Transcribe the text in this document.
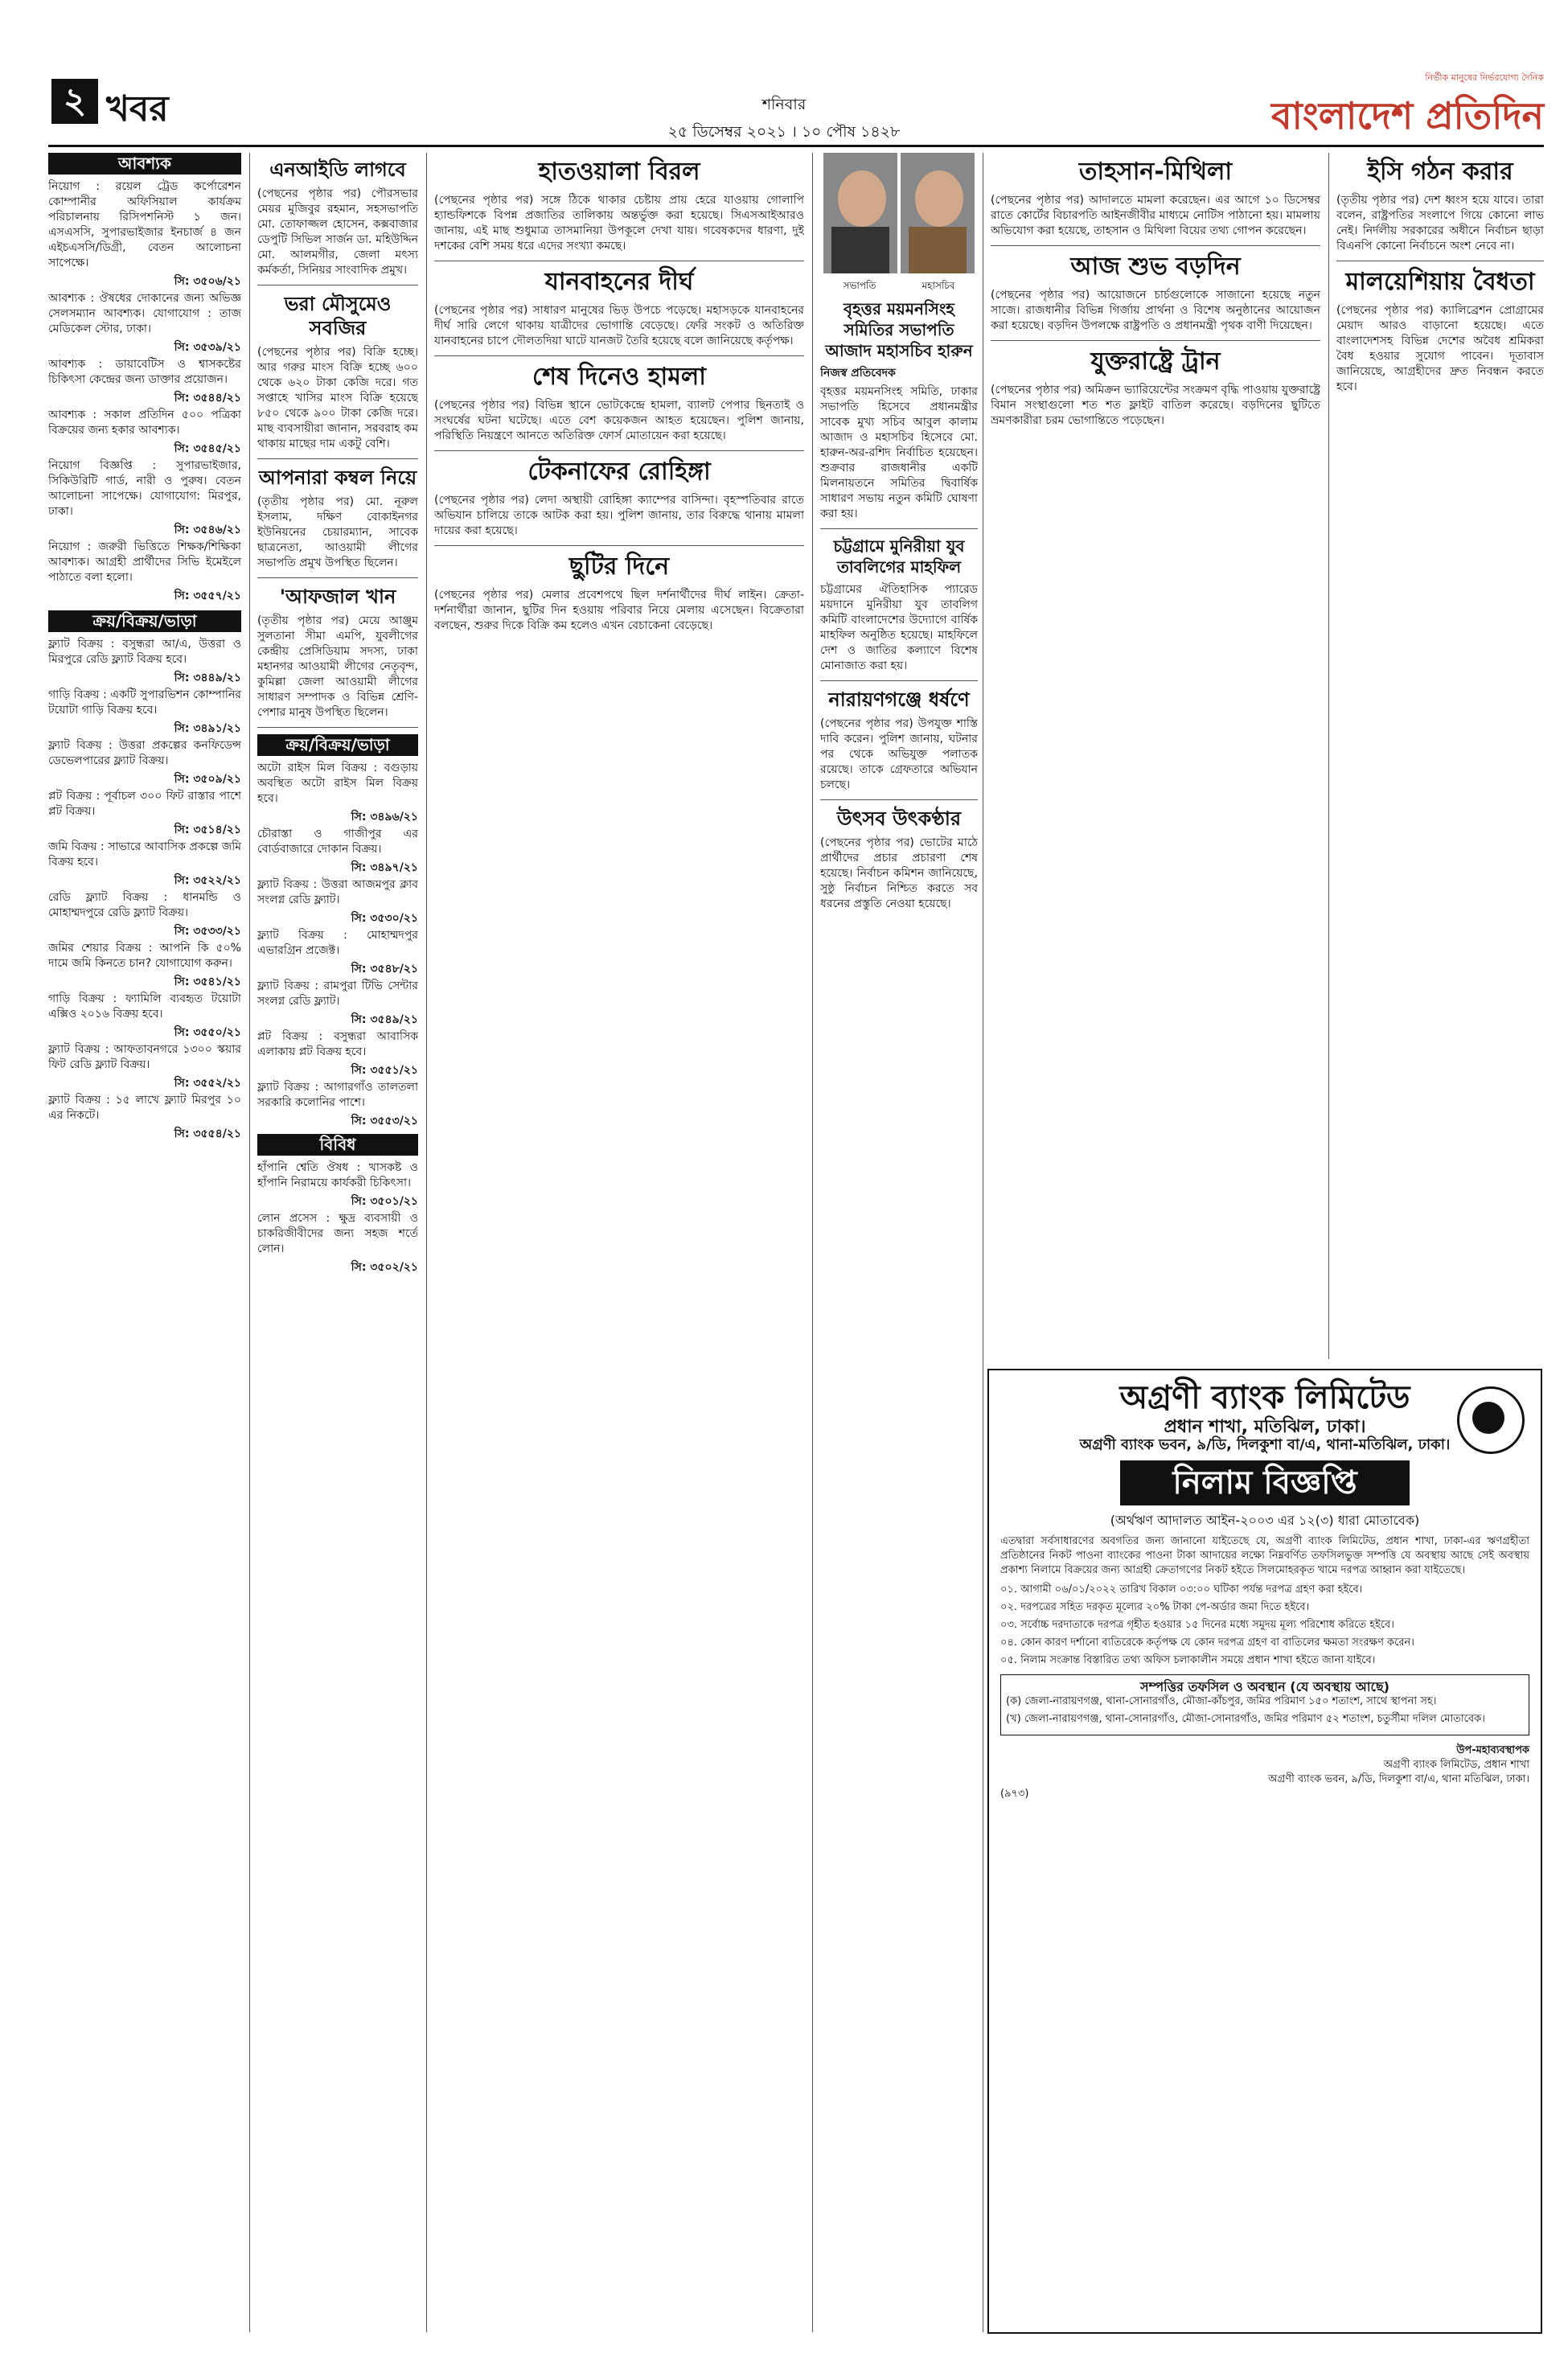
২ খবর	শনিবার
২৫ ডিসেম্বর ২০২১ । ১০ পৌষ ১৪২৮
নির্ভীক মানুষের নির্ভরযোগ্য দৈনিক
বাংলাদেশ প্রতিদিন
আবশ্যক

নিয়োগ : রয়েল ট্রেড কর্পোরেশন কোম্পানীর অফিসিয়াল কার্যক্রম পরিচালনায় রিসিপশনিস্ট ১ জন। এসএসসি, সুপারভাইজার ইনচার্জ ৪ জন এইচএসসি/ডিগ্রী, বেতন আলোচনা সাপেক্ষে।

সি: ৩৫০৬/২১

আবশ্যক : ঔষধের দোকানের জন্য অভিজ্ঞ সেলসম্যান আবশ্যক। যোগাযোগ : তাজ মেডিকেল স্টোর, ঢাকা।

সি: ৩৫৩৯/২১

আবশ্যক : ডায়াবেটিস ও শ্বাসকষ্টের চিকিৎসা কেন্দ্রের জন্য ডাক্তার প্রয়োজন।

সি: ৩৫৪৪/২১

আবশ্যক : সকাল প্রতিদিন ৫০০ পত্রিকা বিক্রয়ের জন্য হকার আবশ্যক।

সি: ৩৫৪৫/২১

নিয়োগ বিজ্ঞপ্তি : সুপারভাইজার, সিকিউরিটি গার্ড, নারী ও পুরুষ। বেতন আলোচনা সাপেক্ষে। যোগাযোগ: মিরপুর, ঢাকা।

সি: ৩৫৪৬/২১

নিয়োগ : জরুরী ভিত্তিতে শিক্ষক/শিক্ষিকা আবশ্যক। আগ্রহী প্রার্থীদের সিভি ইমেইলে পাঠাতে বলা হলো।

সি: ৩৫৫৭/২১
ক্রয়/বিক্রয়/ভাড়া

ফ্ল্যাট বিক্রয় : বসুন্ধরা আ/এ, উত্তরা ও মিরপুরে রেডি ফ্ল্যাট বিক্রয় হবে।

সি: ৩৪৪৯/২১

গাড়ি বিক্রয় : একটি সুপারভিশন কোম্পানির টয়োটা গাড়ি বিক্রয় হবে।

সি: ৩৪৯১/২১

ফ্ল্যাট বিক্রয় : উত্তরা প্রকল্পের কনফিডেন্স ডেভেলপারের ফ্ল্যাট বিক্রয়।

সি: ৩৫০৯/২১

প্লট বিক্রয় : পূর্বাচল ৩০০ ফিট রাস্তার পাশে প্লট বিক্রয়।

সি: ৩৫১৪/২১

জমি বিক্রয় : সাভারে আবাসিক প্রকল্পে জমি বিক্রয় হবে।

সি: ৩৫২২/২১

রেডি ফ্ল্যাট বিক্রয় : ধানমন্ডি ও মোহাম্মদপুরে রেডি ফ্ল্যাট বিক্রয়।

সি: ৩৫৩৩/২১

জমির শেয়ার বিক্রয় : আপনি কি ৫০% দামে জমি কিনতে চান? যোগাযোগ করুন।

সি: ৩৫৪১/২১

গাড়ি বিক্রয় : ফ্যামিলি ব্যবহৃত টয়োটা এক্সিও ২০১৬ বিক্রয় হবে।

সি: ৩৫৫০/২১

ফ্ল্যাট বিক্রয় : আফতাবনগরে ১৩০০ স্কয়ার ফিট রেডি ফ্ল্যাট বিক্রয়।

সি: ৩৫৫২/২১

ফ্ল্যাট বিক্রয় : ১৫ লাখে ফ্ল্যাট মিরপুর ১০ এর নিকটে।

সি: ৩৫৫৪/২১
এনআইডি লাগবে

(পেছনের পৃষ্ঠার পর) পৌরসভার মেয়র মুজিবুর রহমান, সহসভাপতি মো. তোফাজ্জল হোসেন, কক্সবাজার ডেপুটি সিভিল সার্জন ডা. মহিউদ্দিন মো. আলমগীর, জেলা মৎস্য কর্মকর্তা, সিনিয়র সাংবাদিক প্রমুখ।

ভরা মৌসুমেও সবজির

(পেছনের পৃষ্ঠার পর) বিক্রি হচ্ছে। আর গরুর মাংস বিক্রি হচ্ছে ৬০০ থেকে ৬২০ টাকা কেজি দরে। গত সপ্তাহে খাসির মাংস বিক্রি হয়েছে ৮৫০ থেকে ৯০০ টাকা কেজি দরে। মাছ ব্যবসায়ীরা জানান, সরবরাহ কম থাকায় মাছের দাম একটু বেশি।

আপনারা কম্বল নিয়ে

(তৃতীয় পৃষ্ঠার পর) মো. নূরুল ইসলাম, দক্ষিণ বোকাইনগর ইউনিয়নের চেয়ারম্যান, সাবেক ছাত্রনেতা, আওয়ামী লীগের সভাপতি প্রমুখ উপস্থিত ছিলেন।

'আফজাল খান

(তৃতীয় পৃষ্ঠার পর) মেয়ে আঞ্জুম সুলতানা সীমা এমপি, যুবলীগের কেন্দ্রীয় প্রেসিডিয়াম সদস্য, ঢাকা মহানগর আওয়ামী লীগের নেতৃবৃন্দ, কুমিল্লা জেলা আওয়ামী লীগের সাধারণ সম্পাদক ও বিভিন্ন শ্রেণি-পেশার মানুষ উপস্থিত ছিলেন।

ক্রয়/বিক্রয়/ভাড়া

অটো রাইস মিল বিক্রয় : বগুড়ায় অবস্থিত অটো রাইস মিল বিক্রয় হবে।

সি: ৩৪৯৬/২১

চৌরাস্তা ও গাজীপুর এর বোর্ডবাজারে দোকান বিক্রয়।

সি: ৩৪৯৭/২১

ফ্ল্যাট বিক্রয় : উত্তরা আজমপুর ক্লাব সংলগ্ন রেডি ফ্ল্যাট।

সি: ৩৫৩০/২১

ফ্ল্যাট বিক্রয় : মোহাম্মদপুর এভারগ্রিন প্রজেক্ট।

সি: ৩৫৪৮/২১

ফ্ল্যাট বিক্রয় : রামপুরা টিভি সেন্টার সংলগ্ন রেডি ফ্ল্যাট।

সি: ৩৫৪৯/২১

প্লট বিক্রয় : বসুন্ধরা আবাসিক এলাকায় প্লট বিক্রয় হবে।

সি: ৩৫৫১/২১

ফ্ল্যাট বিক্রয় : আগারগাঁও তালতলা সরকারি কলোনির পাশে।

সি: ৩৫৫৩/২১
বিবিধ

হাঁপানি শ্বেতি ঔষধ : খাসকষ্ট ও হাঁপানি নিরাময়ে কার্যকরী চিকিৎসা।

সি: ৩৫০১/২১

লোন প্রসেস : ক্ষুদ্র ব্যবসায়ী ও চাকরিজীবীদের জন্য সহজ শর্তে লোন।

সি: ৩৫০২/২১
হাতওয়ালা বিরল

(পেছনের পৃষ্ঠার পর) সঙ্গে ঠিকে থাকার চেষ্টায় প্রায় হেরে যাওয়ায় গোলাপি হ্যান্ডফিশকে বিপন্ন প্রজাতির তালিকায় অন্তর্ভুক্ত করা হয়েছে। সিএসআইআরও জানায়, এই মাছ শুধুমাত্র তাসমানিয়া উপকূলে দেখা যায়। গবেষকদের ধারণা, দুই দশকের বেশি সময় ধরে এদের সংখ্যা কমছে।

যানবাহনের দীর্ঘ

(পেছনের পৃষ্ঠার পর) সাধারণ মানুষের ভিড় উপচে পড়েছে। মহাসড়কে যানবাহনের দীর্ঘ সারি লেগে থাকায় যাত্রীদের ভোগান্তি বেড়েছে। ফেরি সংকট ও অতিরিক্ত যানবাহনের চাপে দৌলতদিয়া ঘাটে যানজট তৈরি হয়েছে বলে জানিয়েছে কর্তৃপক্ষ।

শেষ দিনেও হামলা

(পেছনের পৃষ্ঠার পর) বিভিন্ন স্থানে ভোটকেন্দ্রে হামলা, ব্যালট পেপার ছিনতাই ও সংঘর্ষের ঘটনা ঘটেছে। এতে বেশ কয়েকজন আহত হয়েছেন। পুলিশ জানায়, পরিস্থিতি নিয়ন্ত্রণে আনতে অতিরিক্ত ফোর্স মোতায়েন করা হয়েছে।

টেকনাফের রোহিঙ্গা

(পেছনের পৃষ্ঠার পর) লেদা অস্থায়ী রোহিঙ্গা ক্যাম্পের বাসিন্দা। বৃহস্পতিবার রাতে অভিযান চালিয়ে তাকে আটক করা হয়। পুলিশ জানায়, তার বিরুদ্ধে থানায় মামলা দায়ের করা হয়েছে।

ছুটির দিনে

(পেছনের পৃষ্ঠার পর) মেলার প্রবেশপথে ছিল দর্শনার্থীদের দীর্ঘ লাইন। ক্রেতা-দর্শনার্থীরা জানান, ছুটির দিন হওয়ায় পরিবার নিয়ে মেলায় এসেছেন। বিক্রেতারা বলছেন, শুরুর দিকে বিক্রি কম হলেও এখন বেচাকেনা বেড়েছে।

সভাপতি	মহাসচিব
বৃহত্তর ময়মনসিংহ সমিতির সভাপতি আজাদ মহাসচিব হারুন

নিজস্ব প্রতিবেদক

বৃহত্তর ময়মনসিংহ সমিতি, ঢাকার সভাপতি হিসেবে প্রধানমন্ত্রীর সাবেক মুখ্য সচিব আবুল কালাম আজাদ ও মহাসচিব হিসেবে মো. হারুন-অর-রশিদ নির্বাচিত হয়েছেন। শুক্রবার রাজধানীর একটি মিলনায়তনে সমিতির দ্বিবার্ষিক সাধারণ সভায় নতুন কমিটি ঘোষণা করা হয়।

চট্টগ্রামে মুনিরীয়া যুব তাবলিগের মাহফিল

চট্টগ্রামের ঐতিহাসিক প্যারেড ময়দানে মুনিরীয়া যুব তাবলিগ কমিটি বাংলাদেশের উদ্যোগে বার্ষিক মাহফিল অনুষ্ঠিত হয়েছে। মাহফিলে দেশ ও জাতির কল্যাণে বিশেষ মোনাজাত করা হয়।

নারায়ণগঞ্জে ধর্ষণে

(পেছনের পৃষ্ঠার পর) উপযুক্ত শাস্তি দাবি করেন। পুলিশ জানায়, ঘটনার পর থেকে অভিযুক্ত পলাতক রয়েছে। তাকে গ্রেফতারে অভিযান চলছে।

উৎসব উৎকণ্ঠার

(পেছনের পৃষ্ঠার পর) ভোটের মাঠে প্রার্থীদের প্রচার প্রচারণা শেষ হয়েছে। নির্বাচন কমিশন জানিয়েছে, সুষ্ঠু নির্বাচন নিশ্চিত করতে সব ধরনের প্রস্তুতি নেওয়া হয়েছে।

তাহসান-মিথিলা

(পেছনের পৃষ্ঠার পর) আদালতে মামলা করেছেন। এর আগে ১০ ডিসেম্বর রাতে কোর্টের বিচারপতি আইনজীবীর মাধ্যমে নোটিস পাঠানো হয়। মামলায় অভিযোগ করা হয়েছে, তাহসান ও মিথিলা বিয়ের তথ্য গোপন করেছেন।

আজ শুভ বড়দিন

(পেছনের পৃষ্ঠার পর) আয়োজনে চার্চগুলোকে সাজানো হয়েছে নতুন সাজে। রাজধানীর বিভিন্ন গির্জায় প্রার্থনা ও বিশেষ অনুষ্ঠানের আয়োজন করা হয়েছে। বড়দিন উপলক্ষে রাষ্ট্রপতি ও প্রধানমন্ত্রী পৃথক বাণী দিয়েছেন।

যুক্তরাষ্ট্রে ট্রান

(পেছনের পৃষ্ঠার পর) অমিক্রন ভ্যারিয়েন্টের সংক্রমণ বৃদ্ধি পাওয়ায় যুক্তরাষ্ট্রে বিমান সংস্থাগুলো শত শত ফ্লাইট বাতিল করেছে। বড়দিনের ছুটিতে ভ্রমণকারীরা চরম ভোগান্তিতে পড়েছেন।

ইসি গঠন করার

(তৃতীয় পৃষ্ঠার পর) দেশ ধ্বংস হয়ে যাবে। তারা বলেন, রাষ্ট্রপতির সংলাপে গিয়ে কোনো লাভ নেই। নির্দলীয় সরকারের অধীনে নির্বাচন ছাড়া বিএনপি কোনো নির্বাচনে অংশ নেবে না।

মালয়েশিয়ায় বৈধতা

(পেছনের পৃষ্ঠার পর) ক্যালিব্রেশন প্রোগ্রামের মেয়াদ আরও বাড়ানো হয়েছে। এতে বাংলাদেশসহ বিভিন্ন দেশের অবৈধ শ্রমিকরা বৈধ হওয়ার সুযোগ পাবেন। দূতাবাস জানিয়েছে, আগ্রহীদের দ্রুত নিবন্ধন করতে হবে।

অগ্রণী ব্যাংক লিমিটেড
প্রধান শাখা, মতিঝিল, ঢাকা।
অগ্রণী ব্যাংক ভবন, ৯/ডি, দিলকুশা বা/এ, থানা-মতিঝিল, ঢাকা।
নিলাম বিজ্ঞপ্তি
(অর্থঋণ আদালত আইন-২০০৩ এর ১২(৩) ধারা মোতাবেক)

এতদ্বারা সর্বসাধারণের অবগতির জন্য জানানো যাইতেছে যে, অগ্রণী ব্যাংক লিমিটেড, প্রধান শাখা, ঢাকা-এর ঋণগ্রহীতা প্রতিষ্ঠানের নিকট পাওনা ব্যাংকের পাওনা টাকা আদায়ের লক্ষ্যে নিম্নবর্ণিত তফসিলভুক্ত সম্পত্তি যে অবস্থায় আছে সেই অবস্থায় প্রকাশ্য নিলামে বিক্রয়ের জন্য আগ্রহী ক্রেতাগণের নিকট হইতে সিলমোহরকৃত খামে দরপত্র আহ্বান করা যাইতেছে।

০১. আগামী ০৬/০১/২০২২ তারিখ বিকাল ০৩:০০ ঘটিকা পর্যন্ত দরপত্র গ্রহণ করা হইবে।

০২. দরপত্রের সহিত দরকৃত মূল্যের ২০% টাকা পে-অর্ডার জমা দিতে হইবে।

০৩. সর্বোচ্চ দরদাতাকে দরপত্র গৃহীত হওয়ার ১৫ দিনের মধ্যে সমুদয় মূল্য পরিশোধ করিতে হইবে।

০৪. কোন কারণ দর্শানো ব্যতিরেকে কর্তৃপক্ষ যে কোন দরপত্র গ্রহণ বা বাতিলের ক্ষমতা সংরক্ষণ করেন।

০৫. নিলাম সংক্রান্ত বিস্তারিত তথ্য অফিস চলাকালীন সময়ে প্রধান শাখা হইতে জানা যাইবে।

সম্পত্তির তফসিল ও অবস্থান (যে অবস্থায় আছে)

(ক) জেলা-নারায়ণগঞ্জ, থানা-সোনারগাঁও, মৌজা-কাঁচপুর, জমির পরিমাণ ১৫০ শতাংশ, সাথে স্থাপনা সহ।

(খ) জেলা-নারায়ণগঞ্জ, থানা-সোনারগাঁও, মৌজা-সোনারগাঁও, জমির পরিমাণ ৫২ শতাংশ, চতুর্সীমা দলিল মোতাবেক।

উপ-মহাব্যবস্থাপক
অগ্রণী ব্যাংক লিমিটেড, প্রধান শাখা
অগ্রণী ব্যাংক ভবন, ৯/ডি, দিলকুশা বা/এ, থানা মতিঝিল, ঢাকা।
(৯৭৩)
